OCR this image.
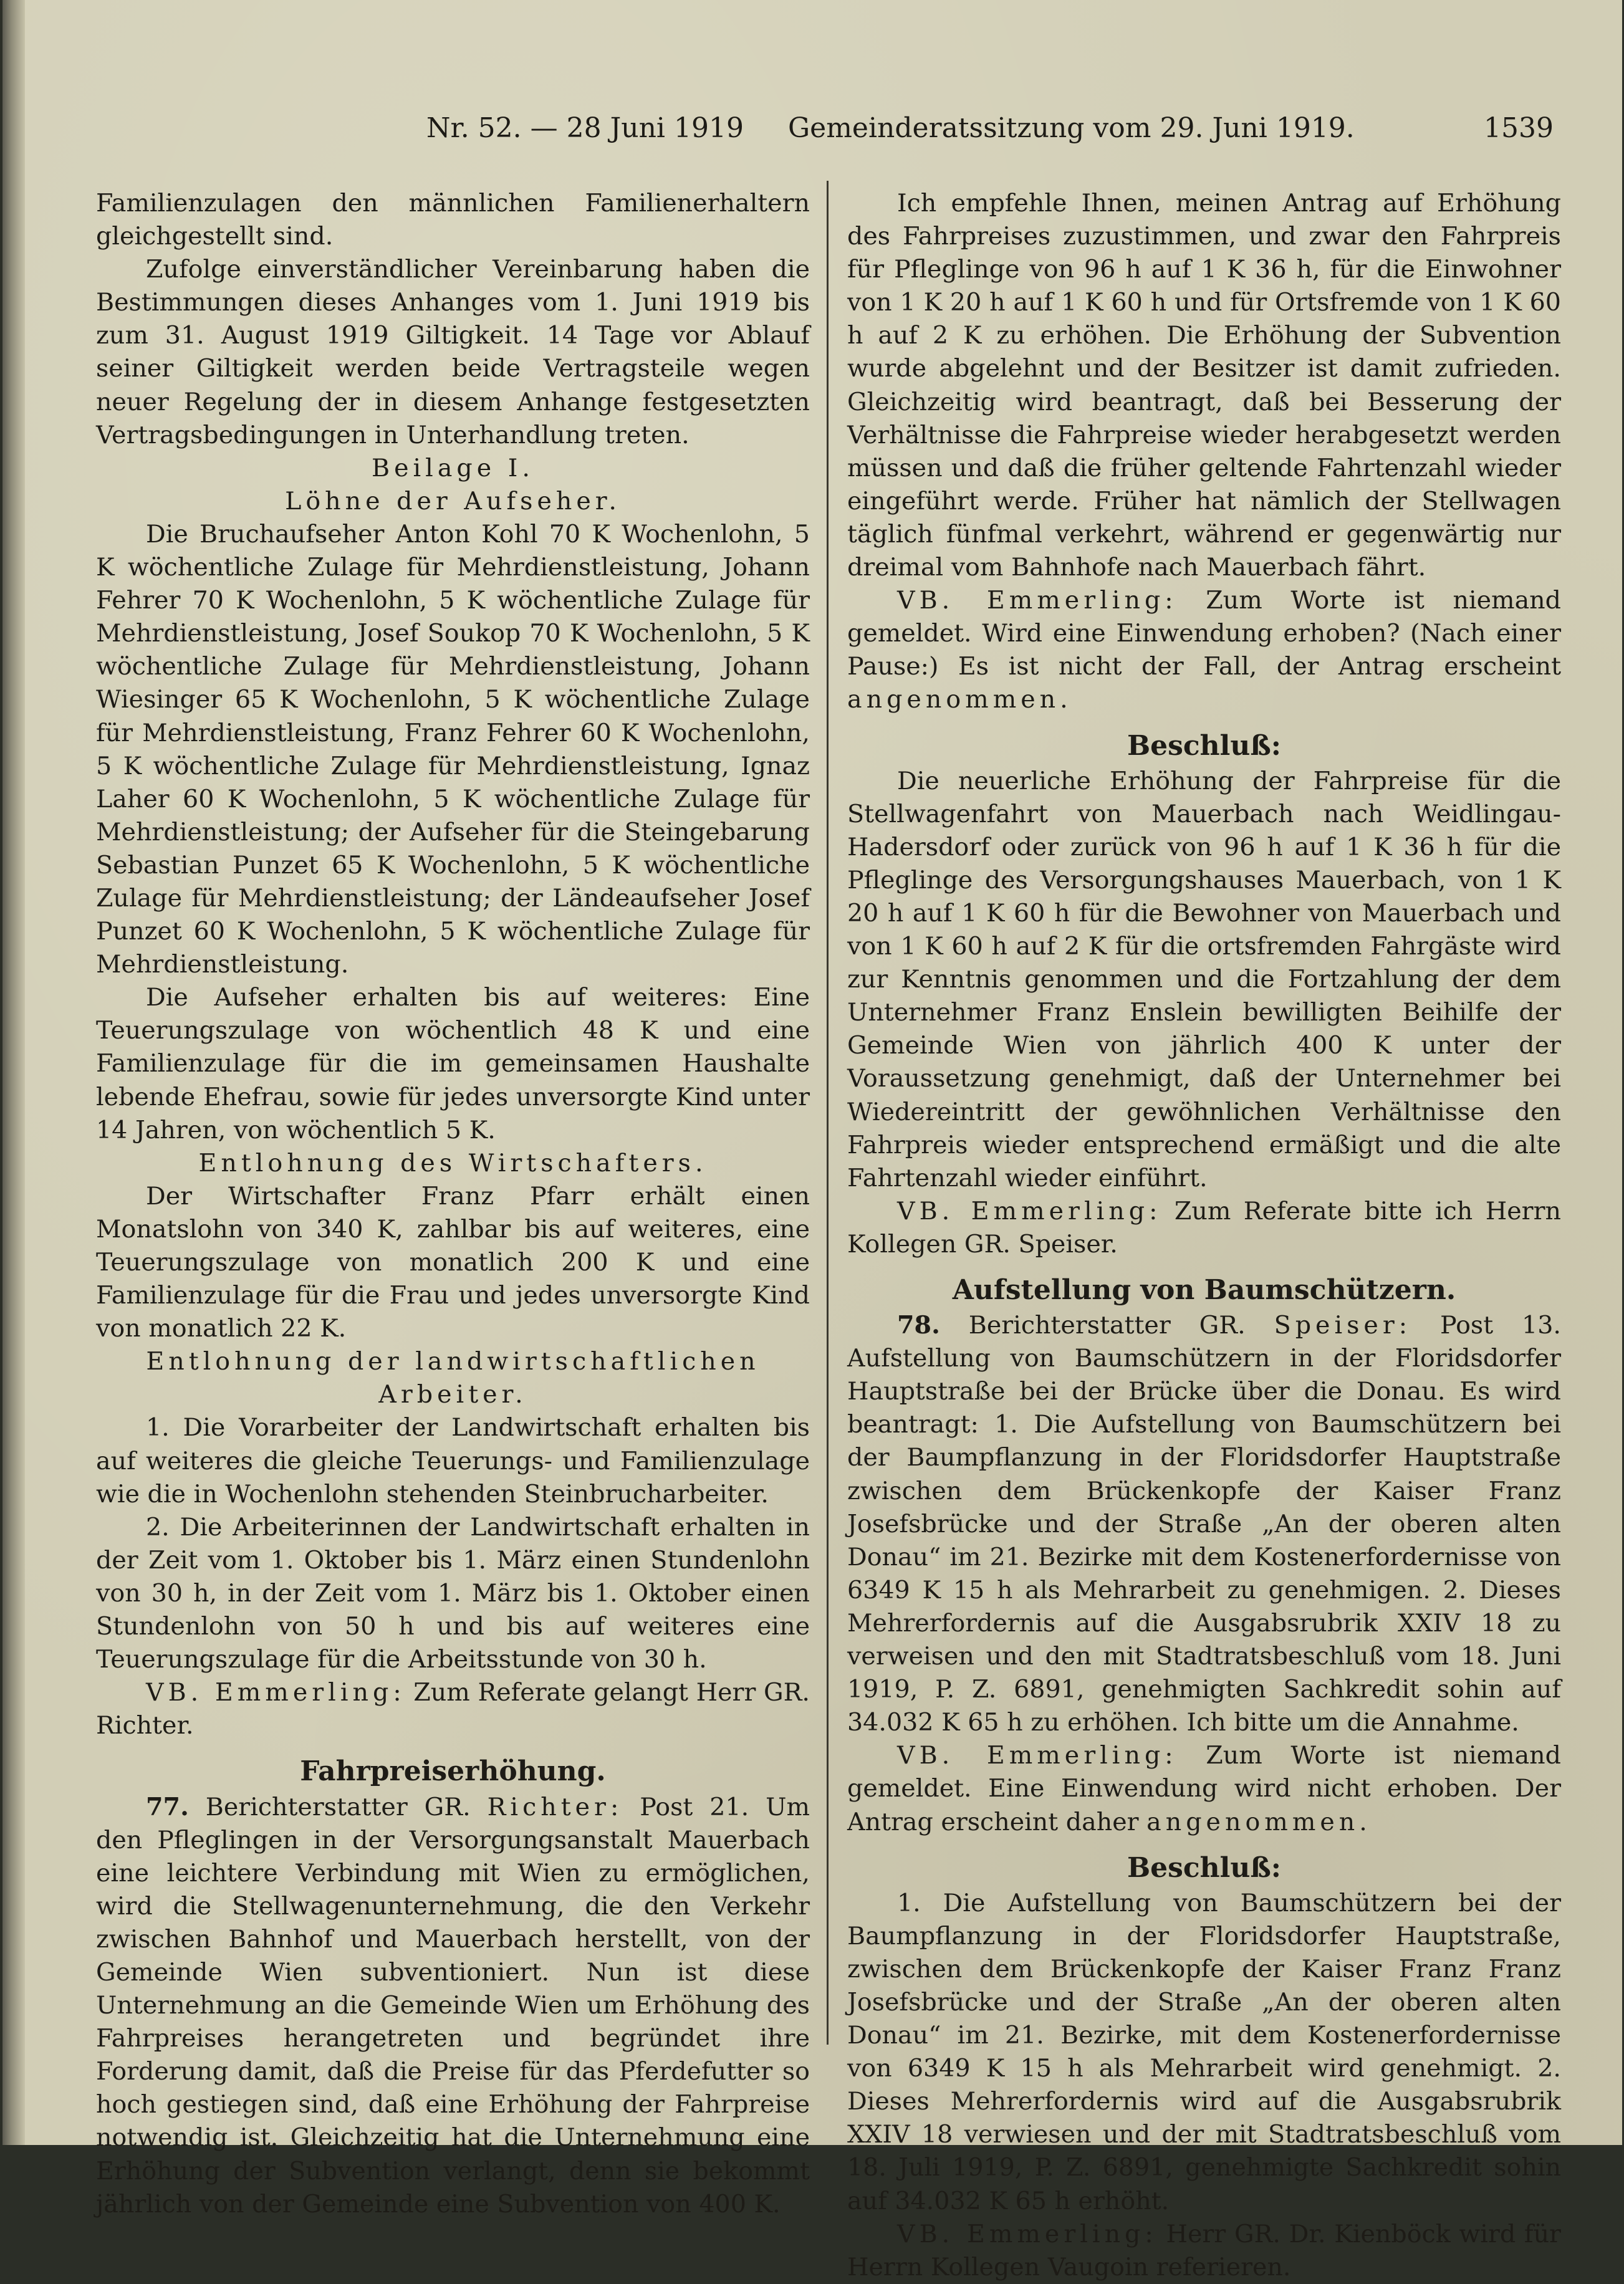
Nr. 52. — 28 Juni 1919 Gemeinderatssitzung vom 29. Juni 1919.	1539

Familienzulagen den männlichen Familienerhaltern gleichgestellt sind.

Zufolge einverständlicher Vereinbarung haben die Bestimmungen dieses Anhanges vom 1. Juni 1919 bis zum 31. August 1919 Giltigkeit. 14 Tage vor Ablauf seiner Giltigkeit werden beide Vertragsteile wegen neuer Regelung der in diesem Anhange festgesetzten Vertragsbedingungen in Unterhandlung treten.

Beilage I.

Löhne der Aufseher.

Die Bruchaufseher Anton Kohl 70 K Wochenlohn, 5 K wöchentliche Zulage für Mehrdienstleistung, Johann Fehrer 70 K Wochenlohn, 5 K wöchentliche Zulage für Mehrdienstleistung, Josef Soukop 70 K Wochenlohn, 5 K wöchentliche Zulage für Mehrdienstleistung, Johann Wiesinger 65 K Wochenlohn, 5 K wöchentliche Zulage für Mehrdienstleistung, Franz Fehrer 60 K Wochenlohn, 5 K wöchentliche Zulage für Mehrdienstleistung, Ignaz Laher 60 K Wochenlohn, 5 K wöchentliche Zulage für Mehrdienstleistung; der Aufseher für die Steingebarung Sebastian Punzet 65 K Wochenlohn, 5 K wöchentliche Zulage für Mehrdienstleistung; der Ländeaufseher Josef Punzet 60 K Wochenlohn, 5 K wöchentliche Zulage für Mehrdienstleistung.

Die Aufseher erhalten bis auf weiteres: Eine Teuerungszulage von wöchentlich 48 K und eine Familienzulage für die im gemeinsamen Haushalte lebende Ehefrau, sowie für jedes unversorgte Kind unter 14 Jahren, von wöchentlich 5 K.

Entlohnung des Wirtschafters.

Der Wirtschafter Franz Pfarr erhält einen Monatslohn von 340 K, zahlbar bis auf weiteres, eine Teuerungszulage von monatlich 200 K und eine Familienzulage für die Frau und jedes unversorgte Kind von monatlich 22 K.

Entlohnung der landwirtschaftlichen

Arbeiter.

1. Die Vorarbeiter der Landwirtschaft erhalten bis auf weiteres die gleiche Teuerungs- und Familienzulage wie die in Wochenlohn stehenden Steinbrucharbeiter.

2. Die Arbeiterinnen der Landwirtschaft erhalten in der Zeit vom 1. Oktober bis 1. März einen Stundenlohn von 30 h, in der Zeit vom 1. März bis 1. Oktober einen Stundenlohn von 50 h und bis auf weiteres eine Teuerungszulage für die Arbeitsstunde von 30 h.

VB. Emmerling: Zum Referate gelangt Herr GR. Richter.

Fahrpreiserhöhung.

77. Berichterstatter GR. Richter: Post 21. Um den Pfleglingen in der Versorgungsanstalt Mauerbach eine leichtere Verbindung mit Wien zu ermöglichen, wird die Stellwagenunternehmung, die den Verkehr zwischen Bahnhof und Mauerbach herstellt, von der Gemeinde Wien subventioniert. Nun ist diese Unternehmung an die Gemeinde Wien um Erhöhung des Fahrpreises herangetreten und begründet ihre Forderung damit, daß die Preise für das Pferdefutter so hoch gestiegen sind, daß eine Erhöhung der Fahrpreise notwendig ist. Gleichzeitig hat die Unternehmung eine Erhöhung der Subvention verlangt, denn sie bekommt jährlich von der Gemeinde eine Subvention von 400 K.

Ich empfehle Ihnen, meinen Antrag auf Erhöhung des Fahrpreises zuzustimmen, und zwar den Fahrpreis für Pfleglinge von 96 h auf 1 K 36 h, für die Einwohner von 1 K 20 h auf 1 K 60 h und für Ortsfremde von 1 K 60 h auf 2 K zu erhöhen. Die Erhöhung der Subvention wurde abgelehnt und der Besitzer ist damit zufrieden. Gleichzeitig wird beantragt, daß bei Besserung der Verhältnisse die Fahrpreise wieder herabgesetzt werden müssen und daß die früher geltende Fahrtenzahl wieder eingeführt werde. Früher hat nämlich der Stellwagen täglich fünfmal verkehrt, während er gegenwärtig nur dreimal vom Bahnhofe nach Mauerbach fährt.

VB. Emmerling: Zum Worte ist niemand gemeldet. Wird eine Einwendung erhoben? (Nach einer Pause:) Es ist nicht der Fall, der Antrag erscheint angenommen.

Beschluß:

Die neuerliche Erhöhung der Fahrpreise für die Stellwagenfahrt von Mauerbach nach Weidlingau-Hadersdorf oder zurück von 96 h auf 1 K 36 h für die Pfleglinge des Versorgungshauses Mauerbach, von 1 K 20 h auf 1 K 60 h für die Bewohner von Mauerbach und von 1 K 60 h auf 2 K für die ortsfremden Fahrgäste wird zur Kenntnis genommen und die Fortzahlung der dem Unternehmer Franz Enslein bewilligten Beihilfe der Gemeinde Wien von jährlich 400 K unter der Voraussetzung genehmigt, daß der Unternehmer bei Wiedereintritt der gewöhnlichen Verhältnisse den Fahrpreis wieder entsprechend ermäßigt und die alte Fahrtenzahl wieder einführt.

VB. Emmerling: Zum Referate bitte ich Herrn Kollegen GR. Speiser.

Aufstellung von Baumschützern.

78. Berichterstatter GR. Speiser: Post 13. Aufstellung von Baumschützern in der Floridsdorfer Hauptstraße bei der Brücke über die Donau. Es wird beantragt: 1. Die Aufstellung von Baumschützern bei der Baumpflanzung in der Floridsdorfer Hauptstraße zwischen dem Brückenkopfe der Kaiser Franz Josefsbrücke und der Straße „An der oberen alten Donau“ im 21. Bezirke mit dem Kostenerfordernisse von 6349 K 15 h als Mehrarbeit zu genehmigen. 2. Dieses Mehrerfordernis auf die Ausgabsrubrik XXIV 18 zu verweisen und den mit Stadtratsbeschluß vom 18. Juni 1919, P. Z. 6891, genehmigten Sachkredit sohin auf 34.032 K 65 h zu erhöhen. Ich bitte um die Annahme.

VB. Emmerling: Zum Worte ist niemand gemeldet. Eine Einwendung wird nicht erhoben. Der Antrag erscheint daher angenommen.

Beschluß:

1. Die Aufstellung von Baumschützern bei der Baumpflanzung in der Floridsdorfer Hauptstraße, zwischen dem Brückenkopfe der Kaiser Franz Franz Josefsbrücke und der Straße „An der oberen alten Donau“ im 21. Bezirke, mit dem Kostenerfordernisse von 6349 K 15 h als Mehrarbeit wird genehmigt. 2. Dieses Mehrerfordernis wird auf die Ausgabsrubrik XXIV 18 verwiesen und der mit Stadtratsbeschluß vom 18. Juli 1919, P. Z. 6891, genehmigte Sachkredit sohin auf 34.032 K 65 h erhöht.

VB. Emmerling: Herr GR. Dr. Kienböck wird für Herrn Kollegen Vaugoin referieren.
